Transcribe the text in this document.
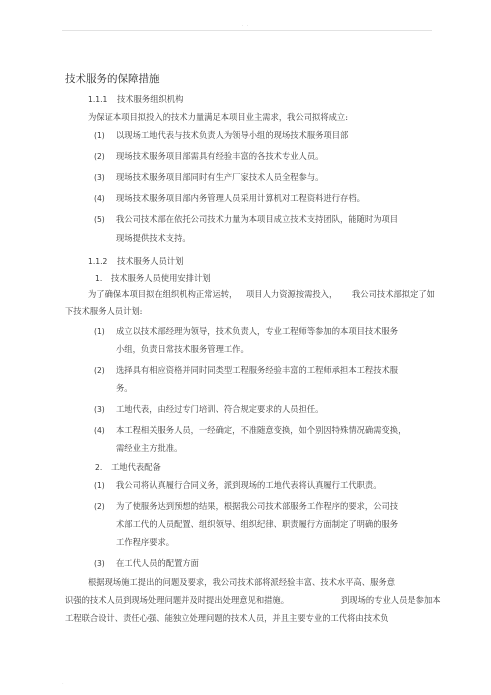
. .
技术服务的保障措施
1.1.1 技术服务组织机构
为保证本项目拟投入的技术力量满足本项目业主需求，我公司拟将成立:
(1) 以现场工地代表与技术负责人为领导小组的现场技术服务项目部
(2) 现场技术服务项目部需具有经验丰富的各技术专业人员。
(3) 现场技术服务项目部同时有生产厂家技术人员全程参与。
(4) 现场技术服务项目部内务管理人员采用计算机对工程资料进行存档。
(5) 我公司技术部在依托公司技术力量为本项目成立技术支持团队，能随时为项目
现场提供技术支持。
1.1.2 技术服务人员计划
1. 技术服务人员使用安排计划
为了确保本项目拟在组织机构正常运转， 项目人力资源按需投入， 我公司技术部拟定了如
下技术服务人员计划:
(1) 成立以技术部经理为领导，技术负责人，专业工程师等参加的本项目技术服务
小组，负责日常技术服务管理工作。
(2) 选择具有相应资格并同时同类型工程服务经验丰富的工程师承担本工程技术服
务。
(3) 工地代表，由经过专门培训、符合规定要求的人员担任。
(4) 本工程相关服务人员，一经确定，不准随意变换，如个别因特殊情况确需变换，
需经业主方批准。
2. 工地代表配备
(1) 我公司将认真履行合同义务，派到现场的工地代表将认真履行工代职责。
(2) 为了使服务达到预想的结果，根据我公司技术部服务工作程序的要求，公司技
术部工代的人员配置、组织领导、组织纪律、职责履行方面制定了明确的服务
工作程序要求。
(3) 在工代人员的配置方面
根据现场施工提出的问题及要求，我公司技术部将派经验丰富、技术水平高、服务意
识强的技术人员到现场处理问题并及时提出处理意见和措施。	到现场的专业人员是参加本
工程联合设计、责任心强、能独立处理问题的技术人员，并且主要专业的工代将由技术负
.
